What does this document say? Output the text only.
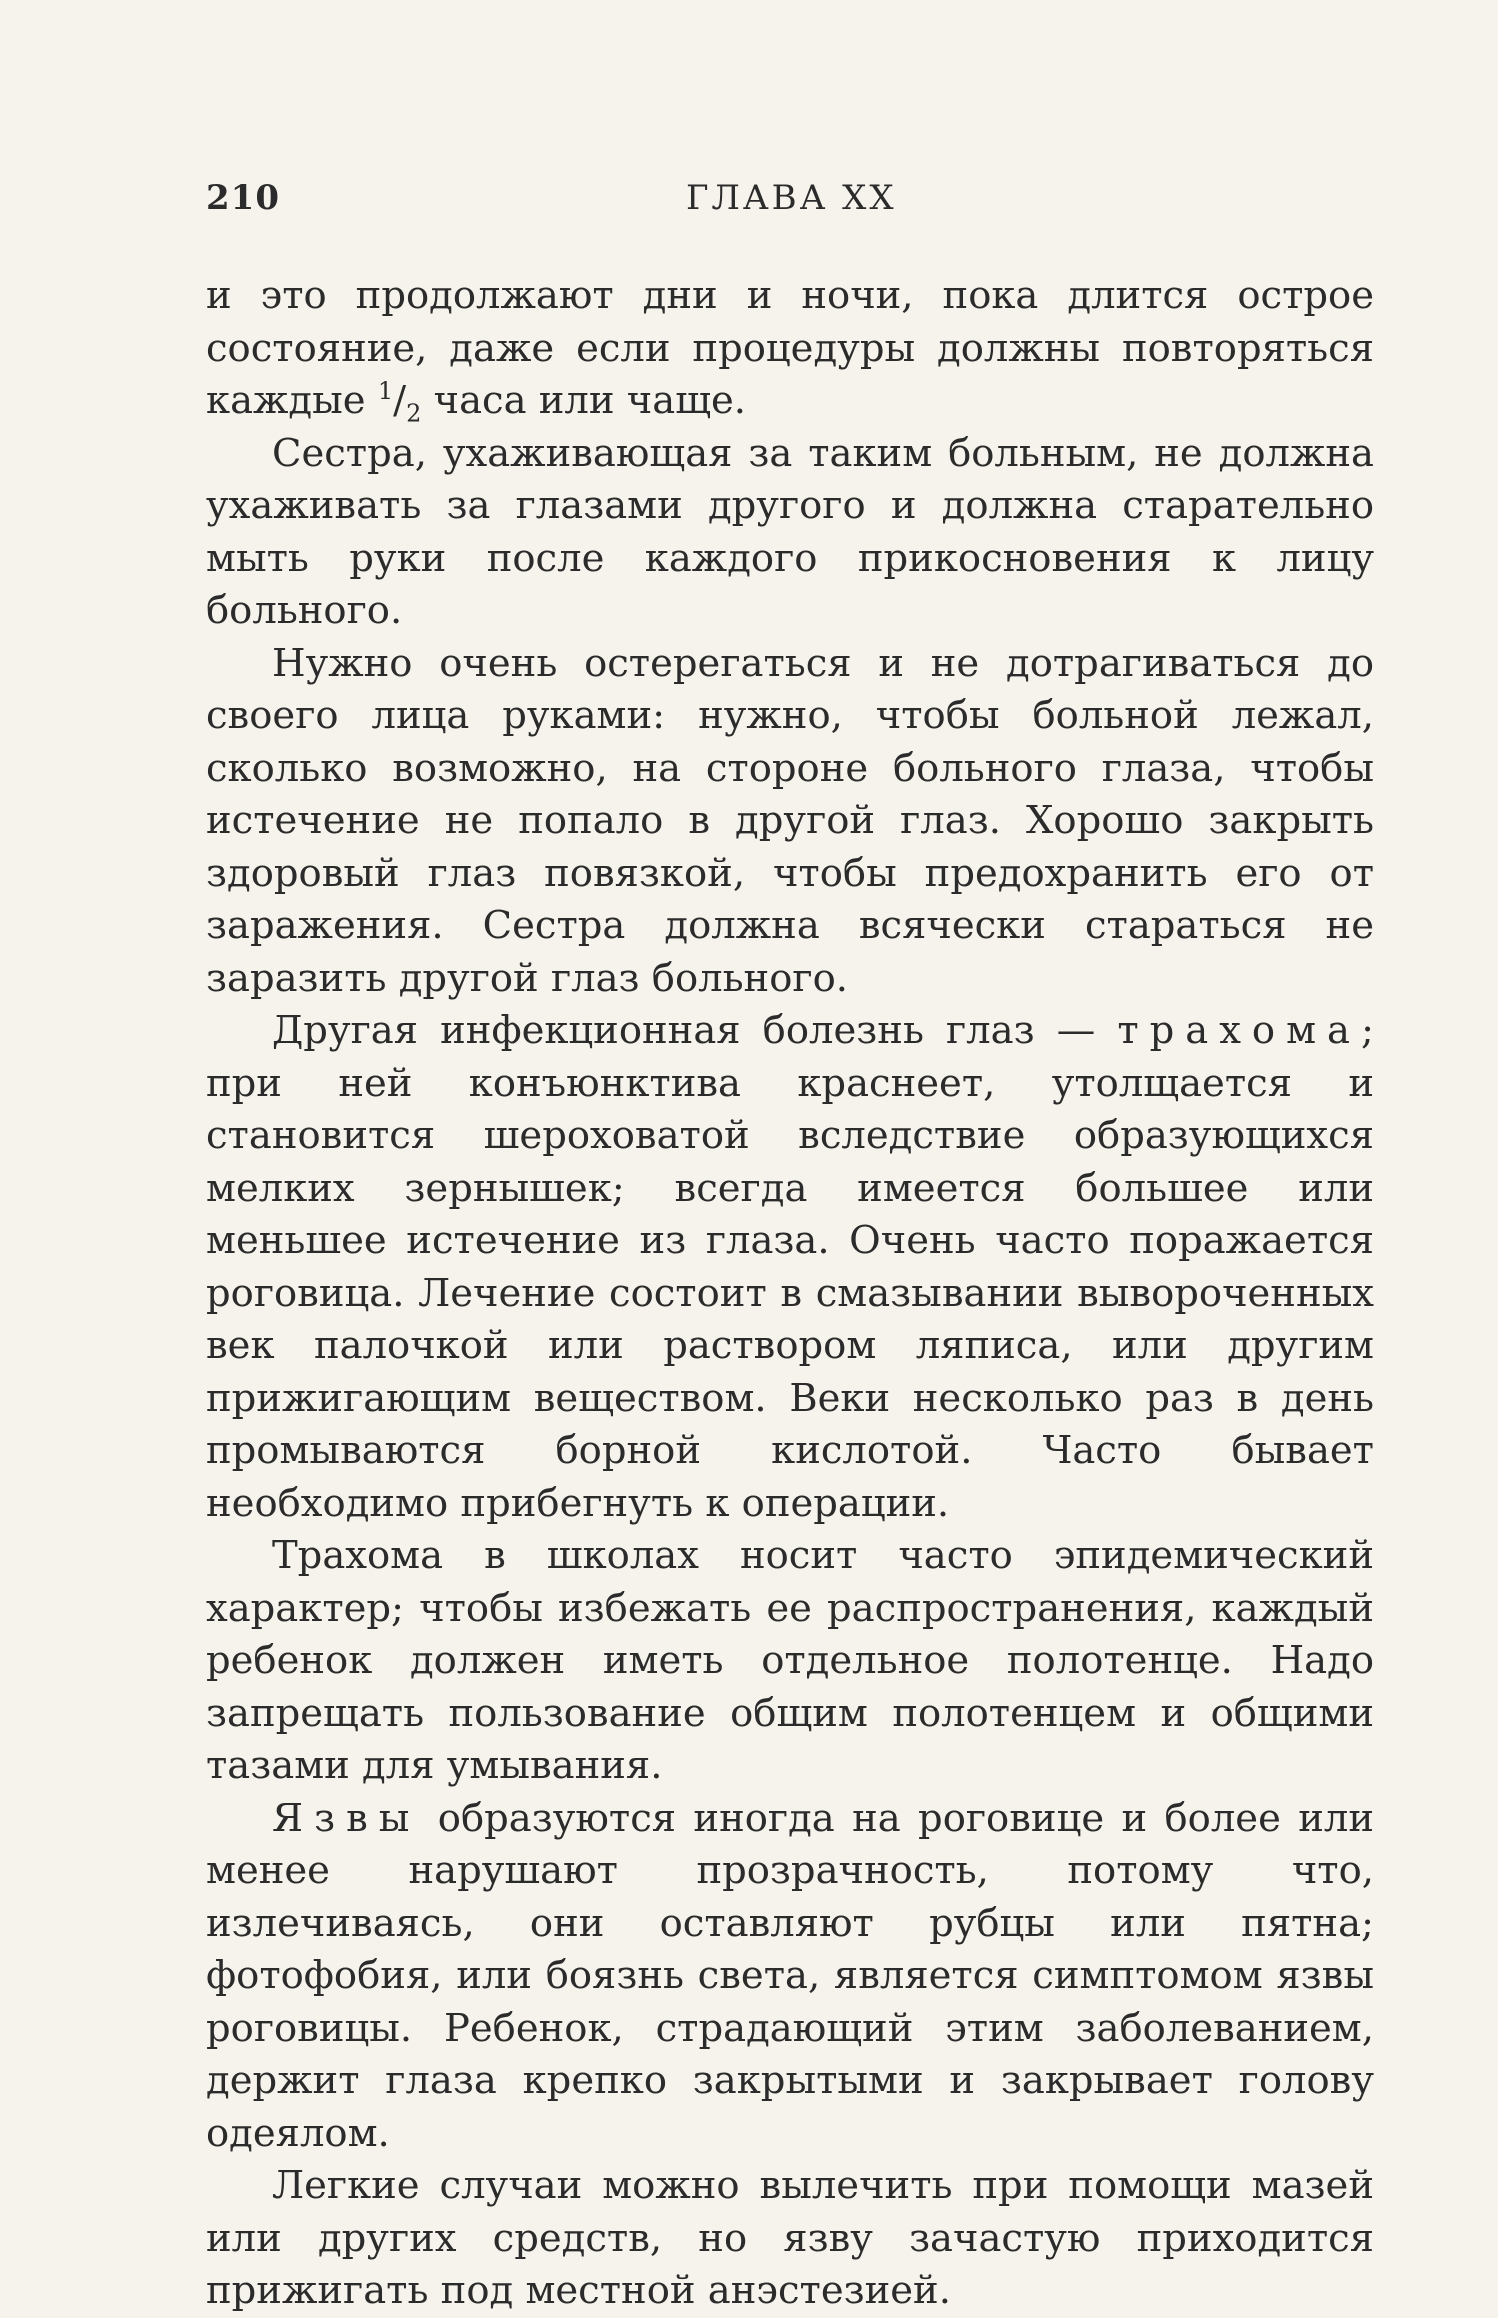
210	ГЛАВА XX

и это продолжают дни и ночи, пока длится острое состояние, даже если процедуры должны повторяться каждые $^1/_2$ часа или чаще.

Сестра, ухаживающая за таким больным, не должна ухаживать за глазами другого и должна старательно мыть руки после каждого прикосновения к лицу больного.

Нужно очень остерегаться и не дотрагиваться до своего лица руками: нужно, чтобы больной лежал, сколько возможно, на стороне больного глаза, чтобы истечение не попало в другой глаз. Хорошо закрыть здоровый глаз повязкой, чтобы предохранить его от заражения. Сестра должна всячески стараться не заразить другой глаз больного.

Другая инфекционная болезнь глаз — трахома; при ней конъюнктива краснеет, утолщается и становится шероховатой вследствие образующихся мелких зернышек; всегда имеется большее или меньшее истечение из глаза. Очень часто поражается роговица. Лечение состоит в смазывании вывороченных век палочкой или раствором ляписа, или другим прижигающим веществом. Веки несколько раз в день промываются борной кислотой. Часто бывает необходимо прибегнуть к операции.

Трахома в школах носит часто эпидемический характер; чтобы избежать ее распространения, каждый ребенок должен иметь отдельное полотенце. Надо запрещать пользование общим полотенцем и общими тазами для умывания.

Язвы образуются иногда на роговице и более или менее нарушают прозрачность, потому что, излечиваясь, они оставляют рубцы или пятна; фотофобия, или боязнь света, является симптомом язвы роговицы. Ребенок, страдающий этим заболеванием, держит глаза крепко закрытыми и закрывает голову одеялом.

Легкие случаи можно вылечить при помощи мазей или других средств, но язву зачастую приходится прижигать под местной анэстезией.
